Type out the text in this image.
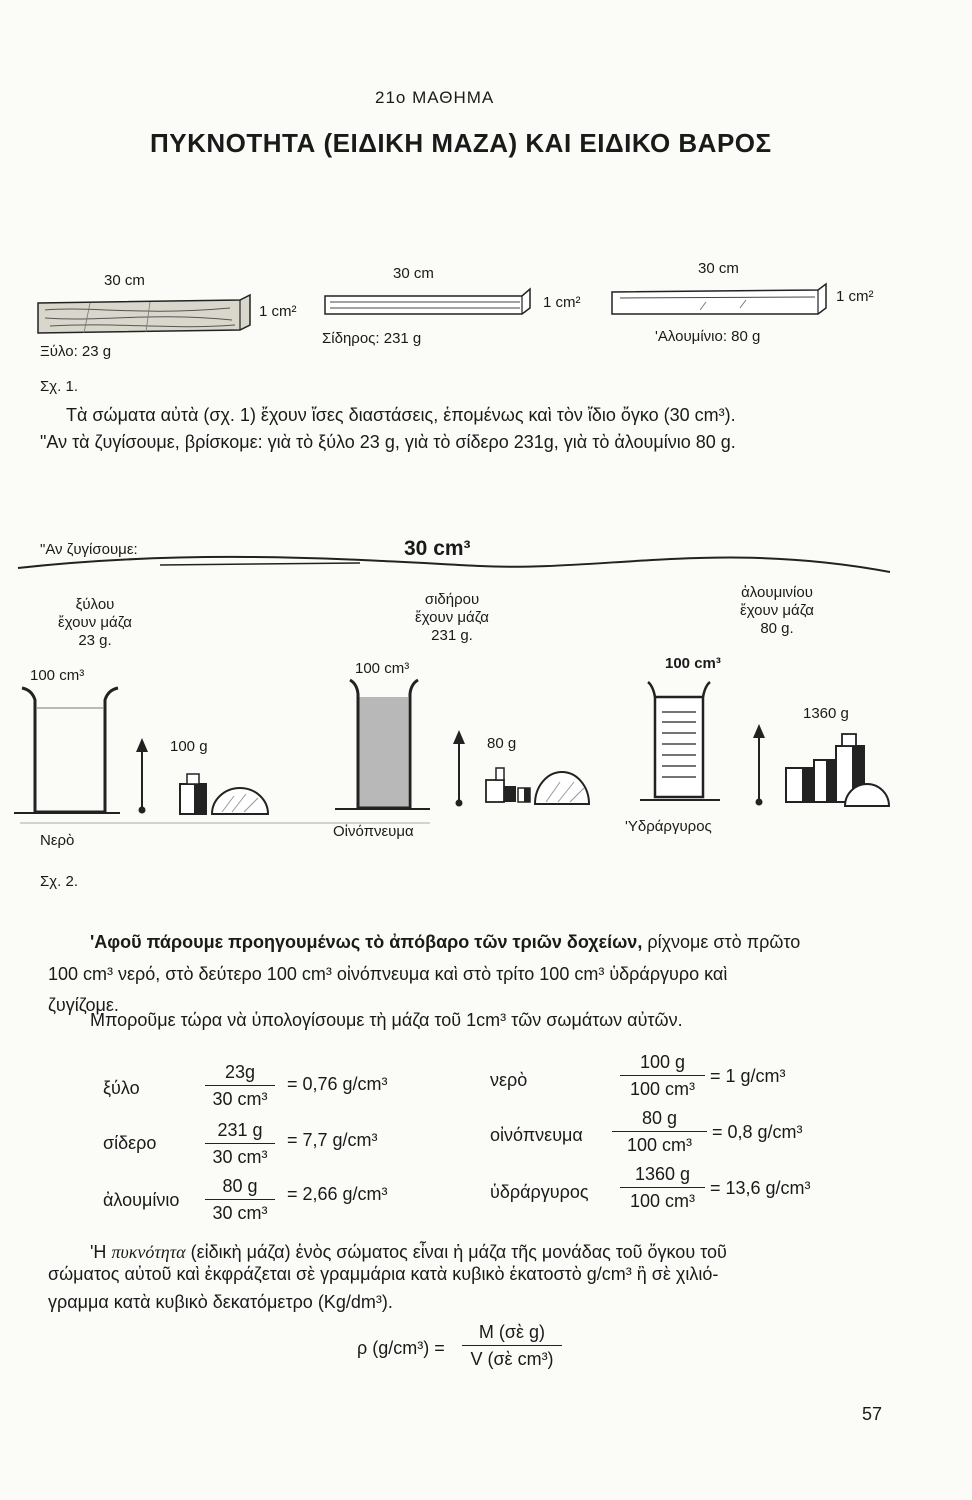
21ο ΜΑΘΗΜΑ
ΠΥΚΝΟΤΗΤΑ (ΕΙΔΙΚΗ ΜΑΖΑ) ΚΑΙ ΕΙΔΙΚΟ ΒΑΡΟΣ
30 cm
1 cm²
Ξύλο: 23 g
30 cm
1 cm²
Σίδηρος: 231 g
30 cm
1 cm²
'Αλουμίνιο: 80 g
Σχ. 1.
Τὰ σώματα αὐτὰ (σχ. 1) ἔχουν ἴσες διαστάσεις, ἑπομένως καὶ τὸν ἴδιο ὄγκο (30 cm³).
"Αν τὰ ζυγίσουμε, βρίσκομε: γιὰ τὸ ξύλο 23 g, γιὰ τὸ σίδερο 231g, γιὰ τὸ ἀλουμίνιο 80 g.
"Αν ζυγίσουμε:	30 cm³
ξύλου
ἔχουν μάζα
23 g.
σιδήρου
ἔχουν μάζα
231 g.
ἀλουμινίου
ἔχουν μάζα
80 g.
100 cm³	100 cm³	100 cm³
100 g	80 g
1360 g
Νερὸ
Οἰνόπνευμα	'Υδράργυρος
Σχ. 2.
'Αφοῦ πάρουμε προηγουμένως τὸ ἀπόβαρο τῶν τριῶν δοχείων, ρίχνομε στὸ πρῶτο
100 cm³ νερό, στὸ δεύτερο 100 cm³ οἰνόπνευμα καὶ στὸ τρίτο 100 cm³ ὑδράργυρο καὶ
ζυγίζομε.
Μποροῦμε τώρα νὰ ὑπολογίσουμε τὴ μάζα τοῦ 1cm³ τῶν σωμάτων αὐτῶν.
ξύλο	$\frac{23g}{\text{30 cm³}} = 0,76$ g/cm³
σίδερο	$\frac{231 g}{\text{30 cm³}} = 7,7$ g/cm³
ἀλουμίνιο $\frac{80 g}{\text{30 cm³}} = 2,66$ g/cm³
νερὸ	$\frac{100 g}{\text{100 cm³}} = 1$ g/cm³
οἰνόπνευμα $\frac{80 g}{\text{100 cm³}} = 0,8$ g/cm³
ὑδράργυρος $\frac{1360 g}{\text{100 cm³}} = 13,6$ g/cm³
'Η πυκνότητα (εἰδικὴ μάζα) ἑνὸς σώματος εἶναι ἡ μάζα τῆς μονάδας τοῦ ὄγκου τοῦ
σώματος αὐτοῦ καὶ ἐκφράζεται σὲ γραμμάρια κατὰ κυβικὸ ἑκατοστὸ g/cm³ ἢ σὲ χιλιό-
γραμμα κατὰ κυβικὸ δεκατόμετρο (Kg/dm³).
ρ $(g/cm^3) = \frac{\text{M (σὲ g)}}{\text{V (σὲ cm³)}}$
57
